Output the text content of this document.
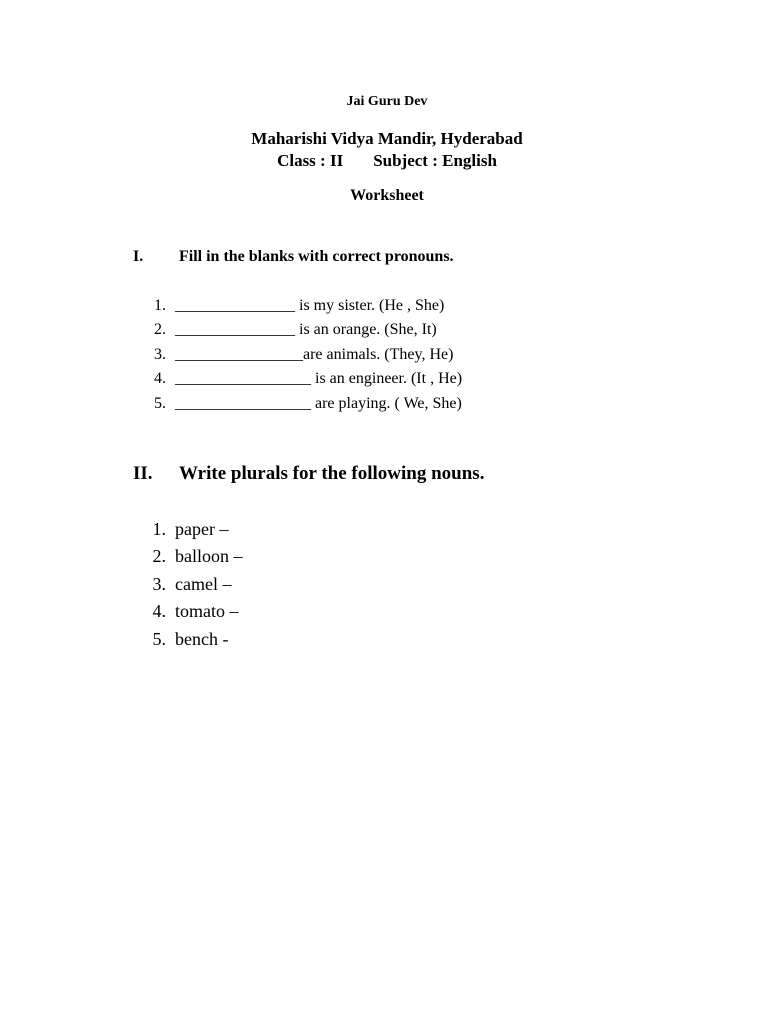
Jai Guru Dev
Maharishi Vidya Mandir, Hyderabad
Class : II Subject : English
Worksheet
I. Fill in the blanks with correct pronouns.
1. _______________ is my sister. (He , She)
2. _______________ is an orange. (She, It)
3. ________________are animals. (They, He)
4. _________________ is an engineer. (It , He)
5. _________________ are playing. ( We, She)
II. Write plurals for the following nouns.
1. paper –
2. balloon –
3. camel –
4. tomato –
5. bench -
